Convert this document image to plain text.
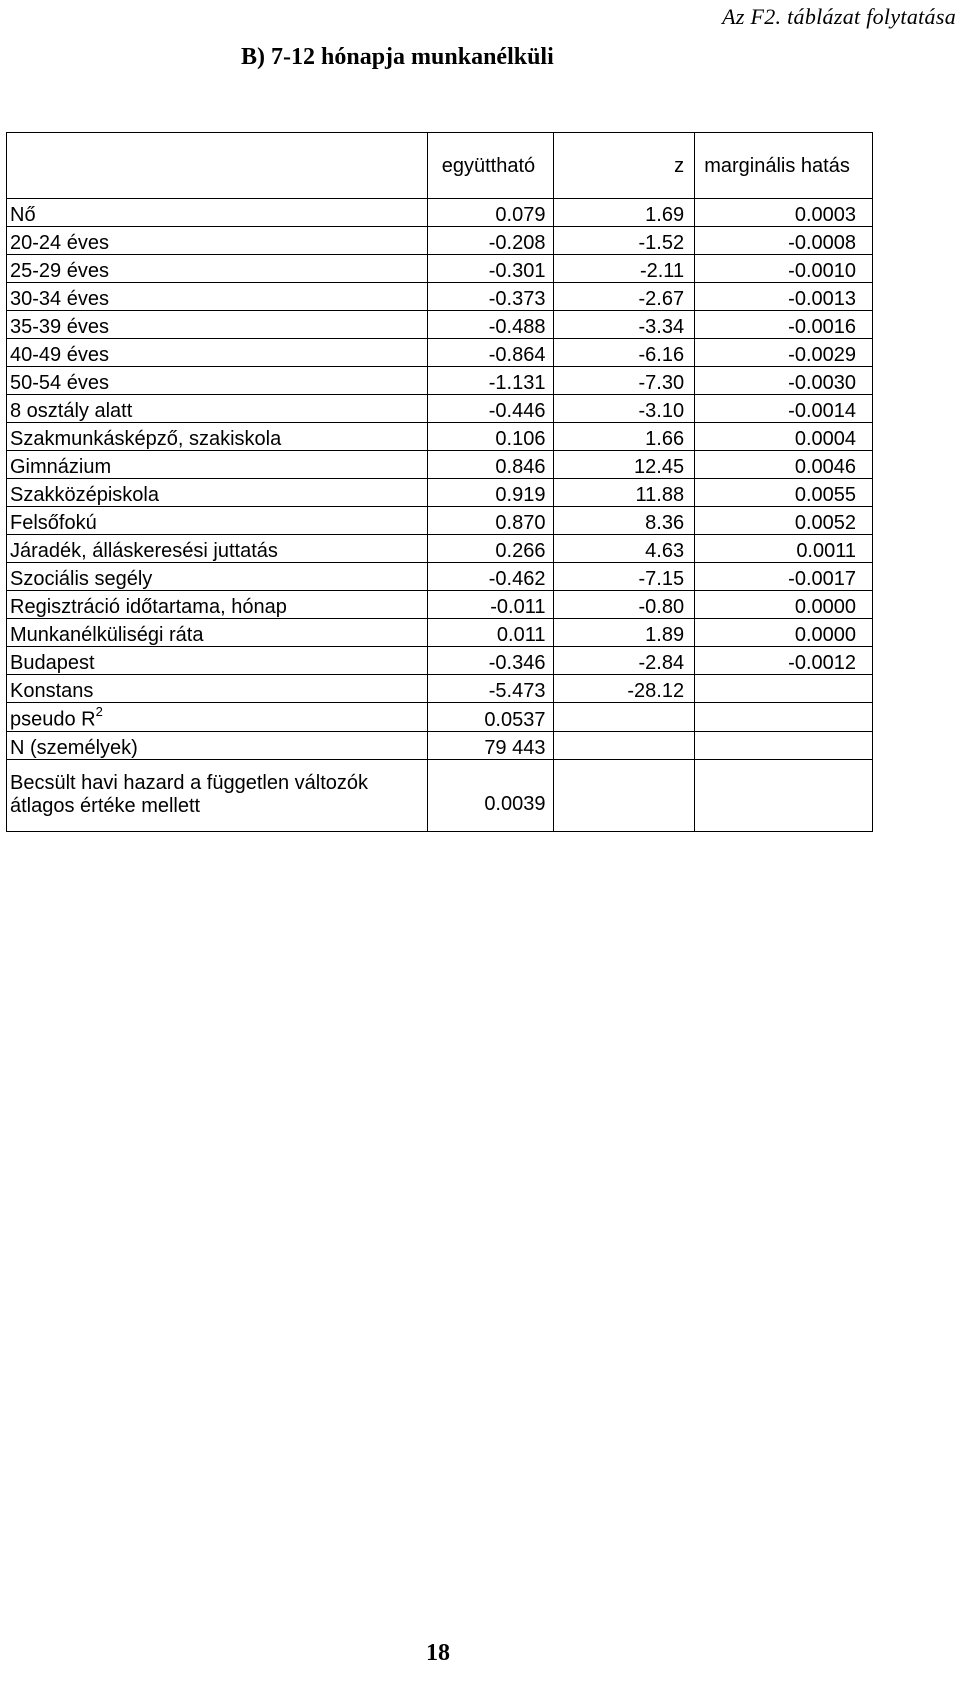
Az F2. táblázat folytatása
B) 7-12 hónapja munkanélküli
	együttható	z	marginális hatás
Nő	0.079	1.69	0.0003
20-24 éves	-0.208	-1.52	-0.0008
25-29 éves	-0.301	-2.11	-0.0010
30-34 éves	-0.373	-2.67	-0.0013
35-39 éves	-0.488	-3.34	-0.0016
40-49 éves	-0.864	-6.16	-0.0029
50-54 éves	-1.131	-7.30	-0.0030
8 osztály alatt	-0.446	-3.10	-0.0014
Szakmunkásképző, szakiskola	0.106	1.66	0.0004
Gimnázium	0.846	12.45	0.0046
Szakközépiskola	0.919	11.88	0.0055
Felsőfokú	0.870	8.36	0.0052
Járadék, álláskeresési juttatás	0.266	4.63	0.0011
Szociális segély	-0.462	-7.15	-0.0017
Regisztráció időtartama, hónap	-0.011	-0.80	0.0000
Munkanélküliségi ráta	0.011	1.89	0.0000
Budapest	-0.346	-2.84	-0.0012
Konstans	-5.473	-28.12	
pseudo $R^2$	0.0537		
N (személyek)	79 443		
Becsült havi hazard a független változók átlagos értéke mellett	0.0039		
18
